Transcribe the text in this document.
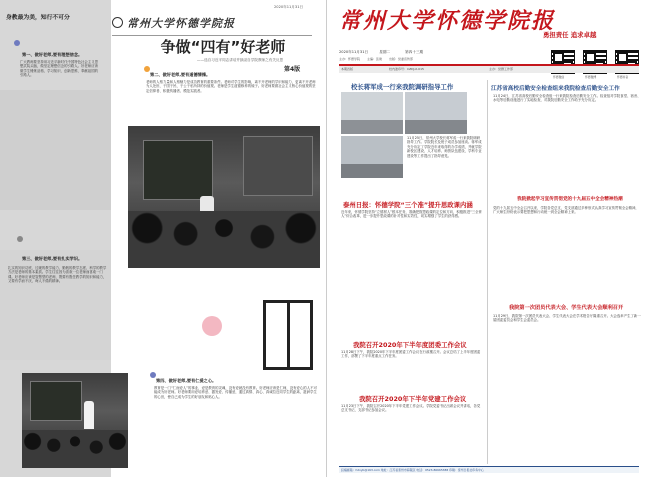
身教最为美，知行不可分	常州大学怀德学院报
2020年11月31日
第4版
争做“四有”好老师
——选自习近平同志讲话并摘录自学院教师之有关反思
第一、做好老师,要有理想信念。
广大教师要坚持用习近平新时代中国特色社会主义思想武装头脑，做坚定理想信念的引路人。好老师应该做学生锤炼品格、学习知识、创新思维、奉献祖国的引路人。	第二、做好老师,要有道德情操。
老师的人格力量和人格魅力是成功教育的重要条件。老师对学生的影响，离不开老师的学识和能力，更离不开老师为人处世、于国于民、于公于私所持的价值观。老师是学生道德修养的镜子。好老师要做社会主义核心价值观的坚定信仰者、积极传播者、模范实践者。
第三、做好老师,要有扎实学识。
扎实的知识功底、过硬的教学能力、勤勉的教学态度、科学的教学方法是老师的基本素质。学生往往因为喜欢一位老师而喜欢一门课。好老师应该是智慧型的老师，既要有胜任教学的知识和能力，又要有学而不厌、诲人不倦的精神。
第四、做好老师,要有仁爱之心。
教育是一门“仁而爱人”的事业，爱是教育的灵魂，没有爱就没有教育。好老师应该是仁师，没有爱心的人不可能成为好老师。好老师要用爱培养爱、激发爱、传播爱，通过真情、真心、真诚拉近同学生的距离，滋润学生的心田，使自己成为学生的好朋友和贴心人。
常州大学怀德学院报
勇担责任 追求卓越
怀德微信	怀德微博	怀德抖音
2020年11月31日	星期二	第四十三期
主办：怀德学院 主编：张建 出版：党委宣传部
本期四版	校内准印号：CZDJ-X-015	主办：党群工作部
校长蒋军成一行来我院调研指导工作
11月25日，常州大学校长蒋军成一行来我院调研指导工作。学院院长及班子成员参加座谈。蒋军成充分肯定了学院近年来取得的办学成绩，并就学院新校区建设、人才培养、师资队伍建设、学科专业建设等工作提出了指导意见。
泰州日报：怀德学院“三个准”提升思政课内涵
近年来，怀德学院坚持“立德树人”根本任务，准确把握思政课的定位和方向，积极推进“三全育人”综合改革，进一步提升思政课的针对性和实效性，切实增强了学生的获得感。
我院召开2020年下半年度团委工作会议
11月28日下午，我院2020年下半年度团委工作会议在行政楼召开。会议总结了上半年度团委工作，部署了下半年度重点工作任务。
我院召开2020年下半年党建工作会议
11月23日下午，我院召开2020年下半年党建工作会议。学院党委书记出席会议并讲话，各党总支书记、支部书记参加会议。
江苏省高校后勤安全检查组来我院检查后勤安全工作
11月24日，江苏省高校后勤安全检查组一行来我院检查后勤安全工作。检查组对学院食堂、宿舍、水电等后勤设施进行了实地检查，对我院后勤安全工作给予充分肯定。
我院掀起学习宣传贯彻党的十九届五中全会精神热潮
党的十九届五中全会召开以来，学院各党总支、党支部通过多种形式认真学习宣传贯彻全会精神，广大师生纷纷表示要把思想和行动统一到全会精神上来。
我院第一次团员代表大会、学生代表大会顺利召开
11月29日，我院第一次团员代表大会、学生代表大会在学术报告厅隆重召开。大会选举产生了新一届团委委员会和学生会委员会。
投稿邮箱：hdxyb@163.com 地址：江苏省泰州市海陵区 电话：0523-86665388 印刷：泰州日报社印务中心
